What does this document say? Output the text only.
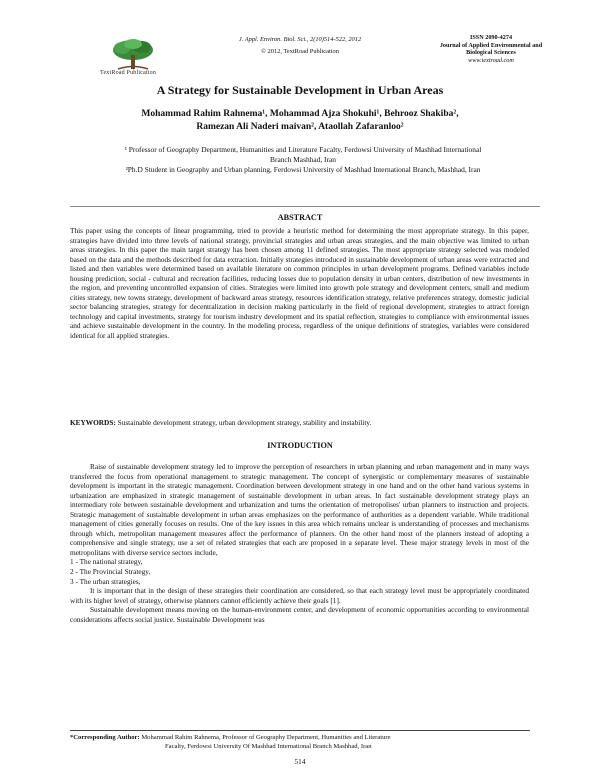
TextRoad Publication
J. Appl. Environ. Biol. Sci., 2(10)514-522, 2012
© 2012, TextRoad Publication
ISSN 2090-4274
Journal of Applied Environmental and Biological Sciences
www.textroad.com
A Strategy for Sustainable Development in Urban Areas
Mohammad Rahim Rahnema¹, Mohammad Ajza Shokuhi¹, Behrooz Shakiba²,
Ramezan Ali Naderi maivan², Ataollah Zafaranloo²
¹ Professor of Geography Department, Humanities and Literature Facalty, Ferdowsi University of Mashhad International Branch Mashhad, Iran
²Ph.D Student in Geography and Urban planning, Ferdowsi University of Mashhad International Branch, Mashhad, Iran
ABSTRACT
This paper using the concepts of linear programming, tried to provide a heuristic method for determining the most appropriate strategy. In this paper, strategies have divided into three levels of national strategy, provincial strategies and urban areas strategies, and the main objective was limited to urban areas strategies. In this paper the main target strategy has been chosen among 11 defined strategies. The most appropriate strategy selected was modeled based on the data and the methods described for data extraction. Initially strategies introduced in sustainable development of urban areas were extracted and listed and then variables were determined based on available literature on common principles in urban development programs. Defined variables include housing prediction, social - cultural and recreation facilities, reducing losses due to population density in urban centers, distribution of new investments in the region, and preventing uncontrolled expansion of cities. Strategies were limited into growth pole strategy and development centers, small and medium cities strategy, new towns strategy, development of backward areas strategy, resources identification strategy, relative preferences strategy, domestic judicial sector balancing strategies, strategy for decentralization in decision making particularly in the field of regional development, strategies to attract foreign technology and capital investments, strategy for tourism industry development and its spatial reflection, strategies to compliance with environmental issues and achieve sustainable development in the country. In the modeling process, regardless of the unique definitions of strategies, variables were considered identical for all applied strategies.
KEYWORDS: Sustainable development strategy, urban development strategy, stability and instability.
INTRODUCTION

Raise of sustainable development strategy led to improve the perception of researchers in urban planning and urban management and in many ways transferred the focus from operational management to strategic management. The concept of synergistic or complementary measures of sustainable development is important in the strategic management. Coordination between development strategy in one hand and on the other hand various systems in urbanization are emphasized in strategic management of sustainable development in urban areas. In fact sustainable development strategy plays an intermediary role between sustainable development and urbanization and turns the orientation of metropolises' urban planners to instruction and projects. Strategic management of sustainable development in urban areas emphasizes on the performance of authorities as a dependent variable. While traditional management of cities generally focuses on results. One of the key issues in this area which remains unclear is understanding of processes and mechanisms through which, metropolitan management measures affect the performance of planners. On the other hand most of the planners instead of adopting a comprehensive and single strategy, use a set of related strategies that each are proposed in a separate level. These major strategy levels in most of the metropolitans with diverse service sectors include,

1 - The national strategy,

2 - The Provincial Strategy,

3 - The urban strategies,

It is important that in the design of these strategies their coordination are considered, so that each strategy level must be appropriately coordinated with its higher level of strategy, otherwise planners cannot efficiently achieve their goals [1].

Sustainable development means moving on the human-environment center, and development of economic opportunities according to environmental considerations affects social justice. Sustainable Development was

*Corresponding Author: Mohammad Rahim Rahnema, Professor of Geography Department, Humanities and Literature
Facalty, Ferdowsi University Of Mashhad International Branch Mashhad, Iran
514
